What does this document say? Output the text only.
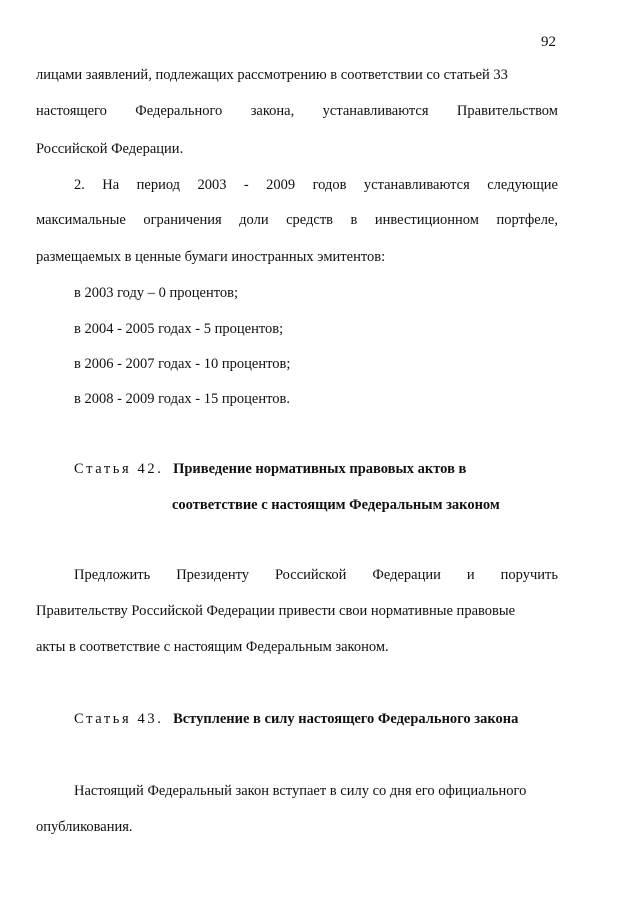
92
лицами заявлений, подлежащих рассмотрению в соответствии со статьей 33
настоящего Федерального закона, устанавливаются Правительством
Российской Федерации.
2. На период 2003 - 2009 годов устанавливаются следующие
максимальные ограничения доли средств в инвестиционном портфеле,
размещаемых в ценные бумаги иностранных эмитентов:
в 2003 году – 0 процентов;
в 2004 - 2005 годах - 5 процентов;
в 2006 - 2007 годах - 10 процентов;
в 2008 - 2009 годах - 15 процентов.
Статья 42. Приведение нормативных правовых актов в
соответствие с настоящим Федеральным законом
Предложить Президенту Российской Федерации и поручить
Правительству Российской Федерации привести свои нормативные правовые
акты в соответствие с настоящим Федеральным законом.
Статья 43. Вступление в силу настоящего Федерального закона
Настоящий Федеральный закон вступает в силу со дня его официального
опубликования.
